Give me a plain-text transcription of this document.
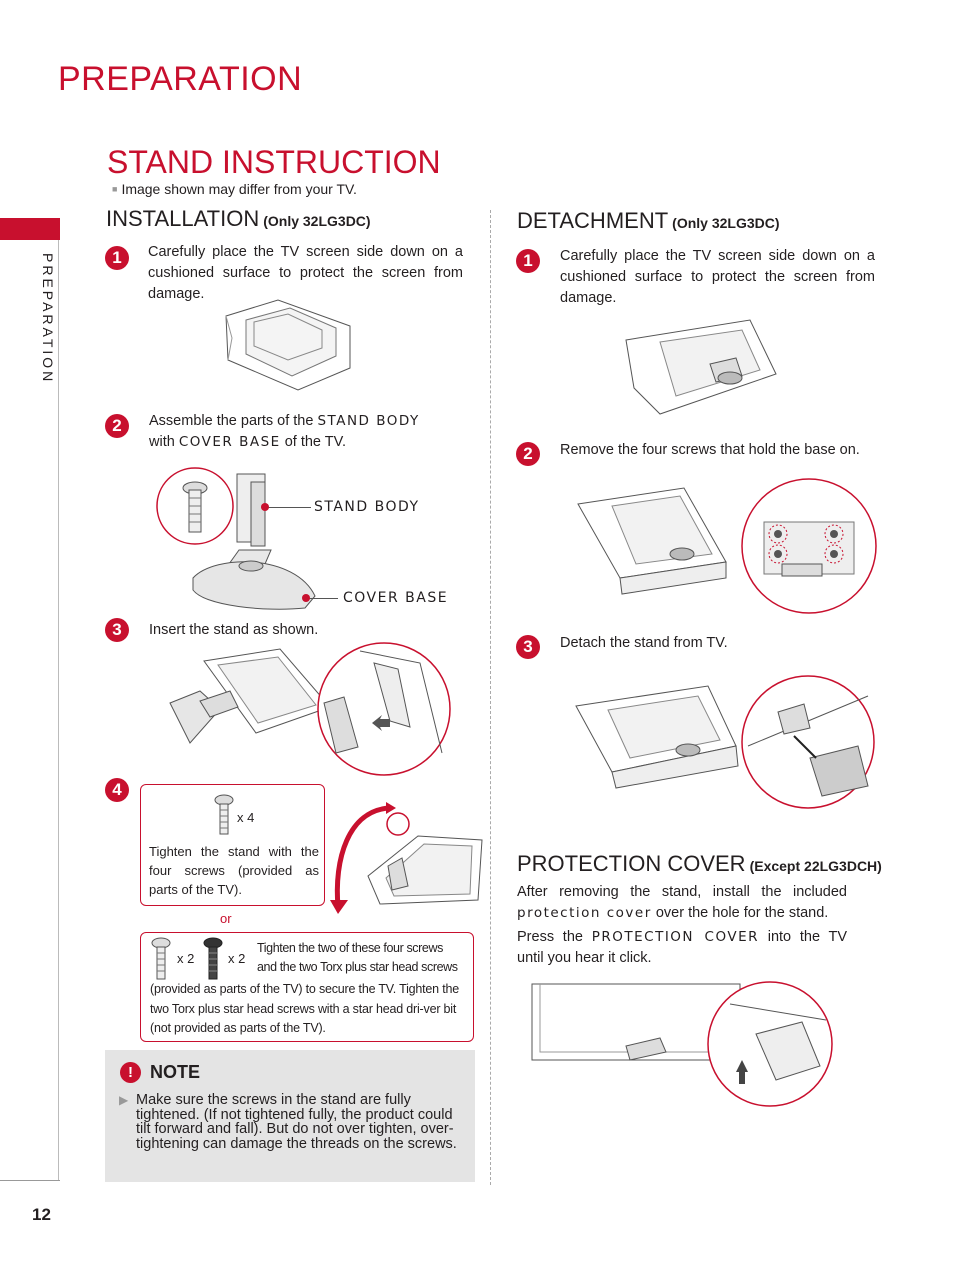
PREPARATION
STAND INSTRUCTION
■ Image shown may differ from your TV.
PREPARATION
12
INSTALLATION (Only 32LG3DC)
1	Carefully place the TV screen side down on a cushioned surface to protect the screen from damage.
2	Assemble the parts of the STAND BODY
with COVER BASE of the TV.
STAND BODY
COVER BASE
3	Insert the stand as shown.
4
x 4
Tighten the stand with the four screws (provided as parts of the TV).
or
x 2	x 2
Tighten the two of these four screws and the two Torx plus star head screws
(provided as parts of the TV) to secure the TV. Tighten the two Torx plus star head screws with a star head dri-ver bit (not provided as parts of the TV).
! NOTE
▶ Make sure the screws in the stand are fully tightened. (If not tightened fully, the product could tilt forward and fall). But do not over tighten, over-tightening can damage the threads on the screws.
DETACHMENT (Only 32LG3DC)
1	Carefully place the TV screen side down on a cushioned surface to protect the screen from damage.
2	Remove the four screws that hold the base on.
3	Detach the stand from TV.
PROTECTION COVER (Except 22LG3DCH)
After removing the stand, install the included protection cover over the hole for the stand.
Press the PROTECTION COVER into the TV until you hear it click.
